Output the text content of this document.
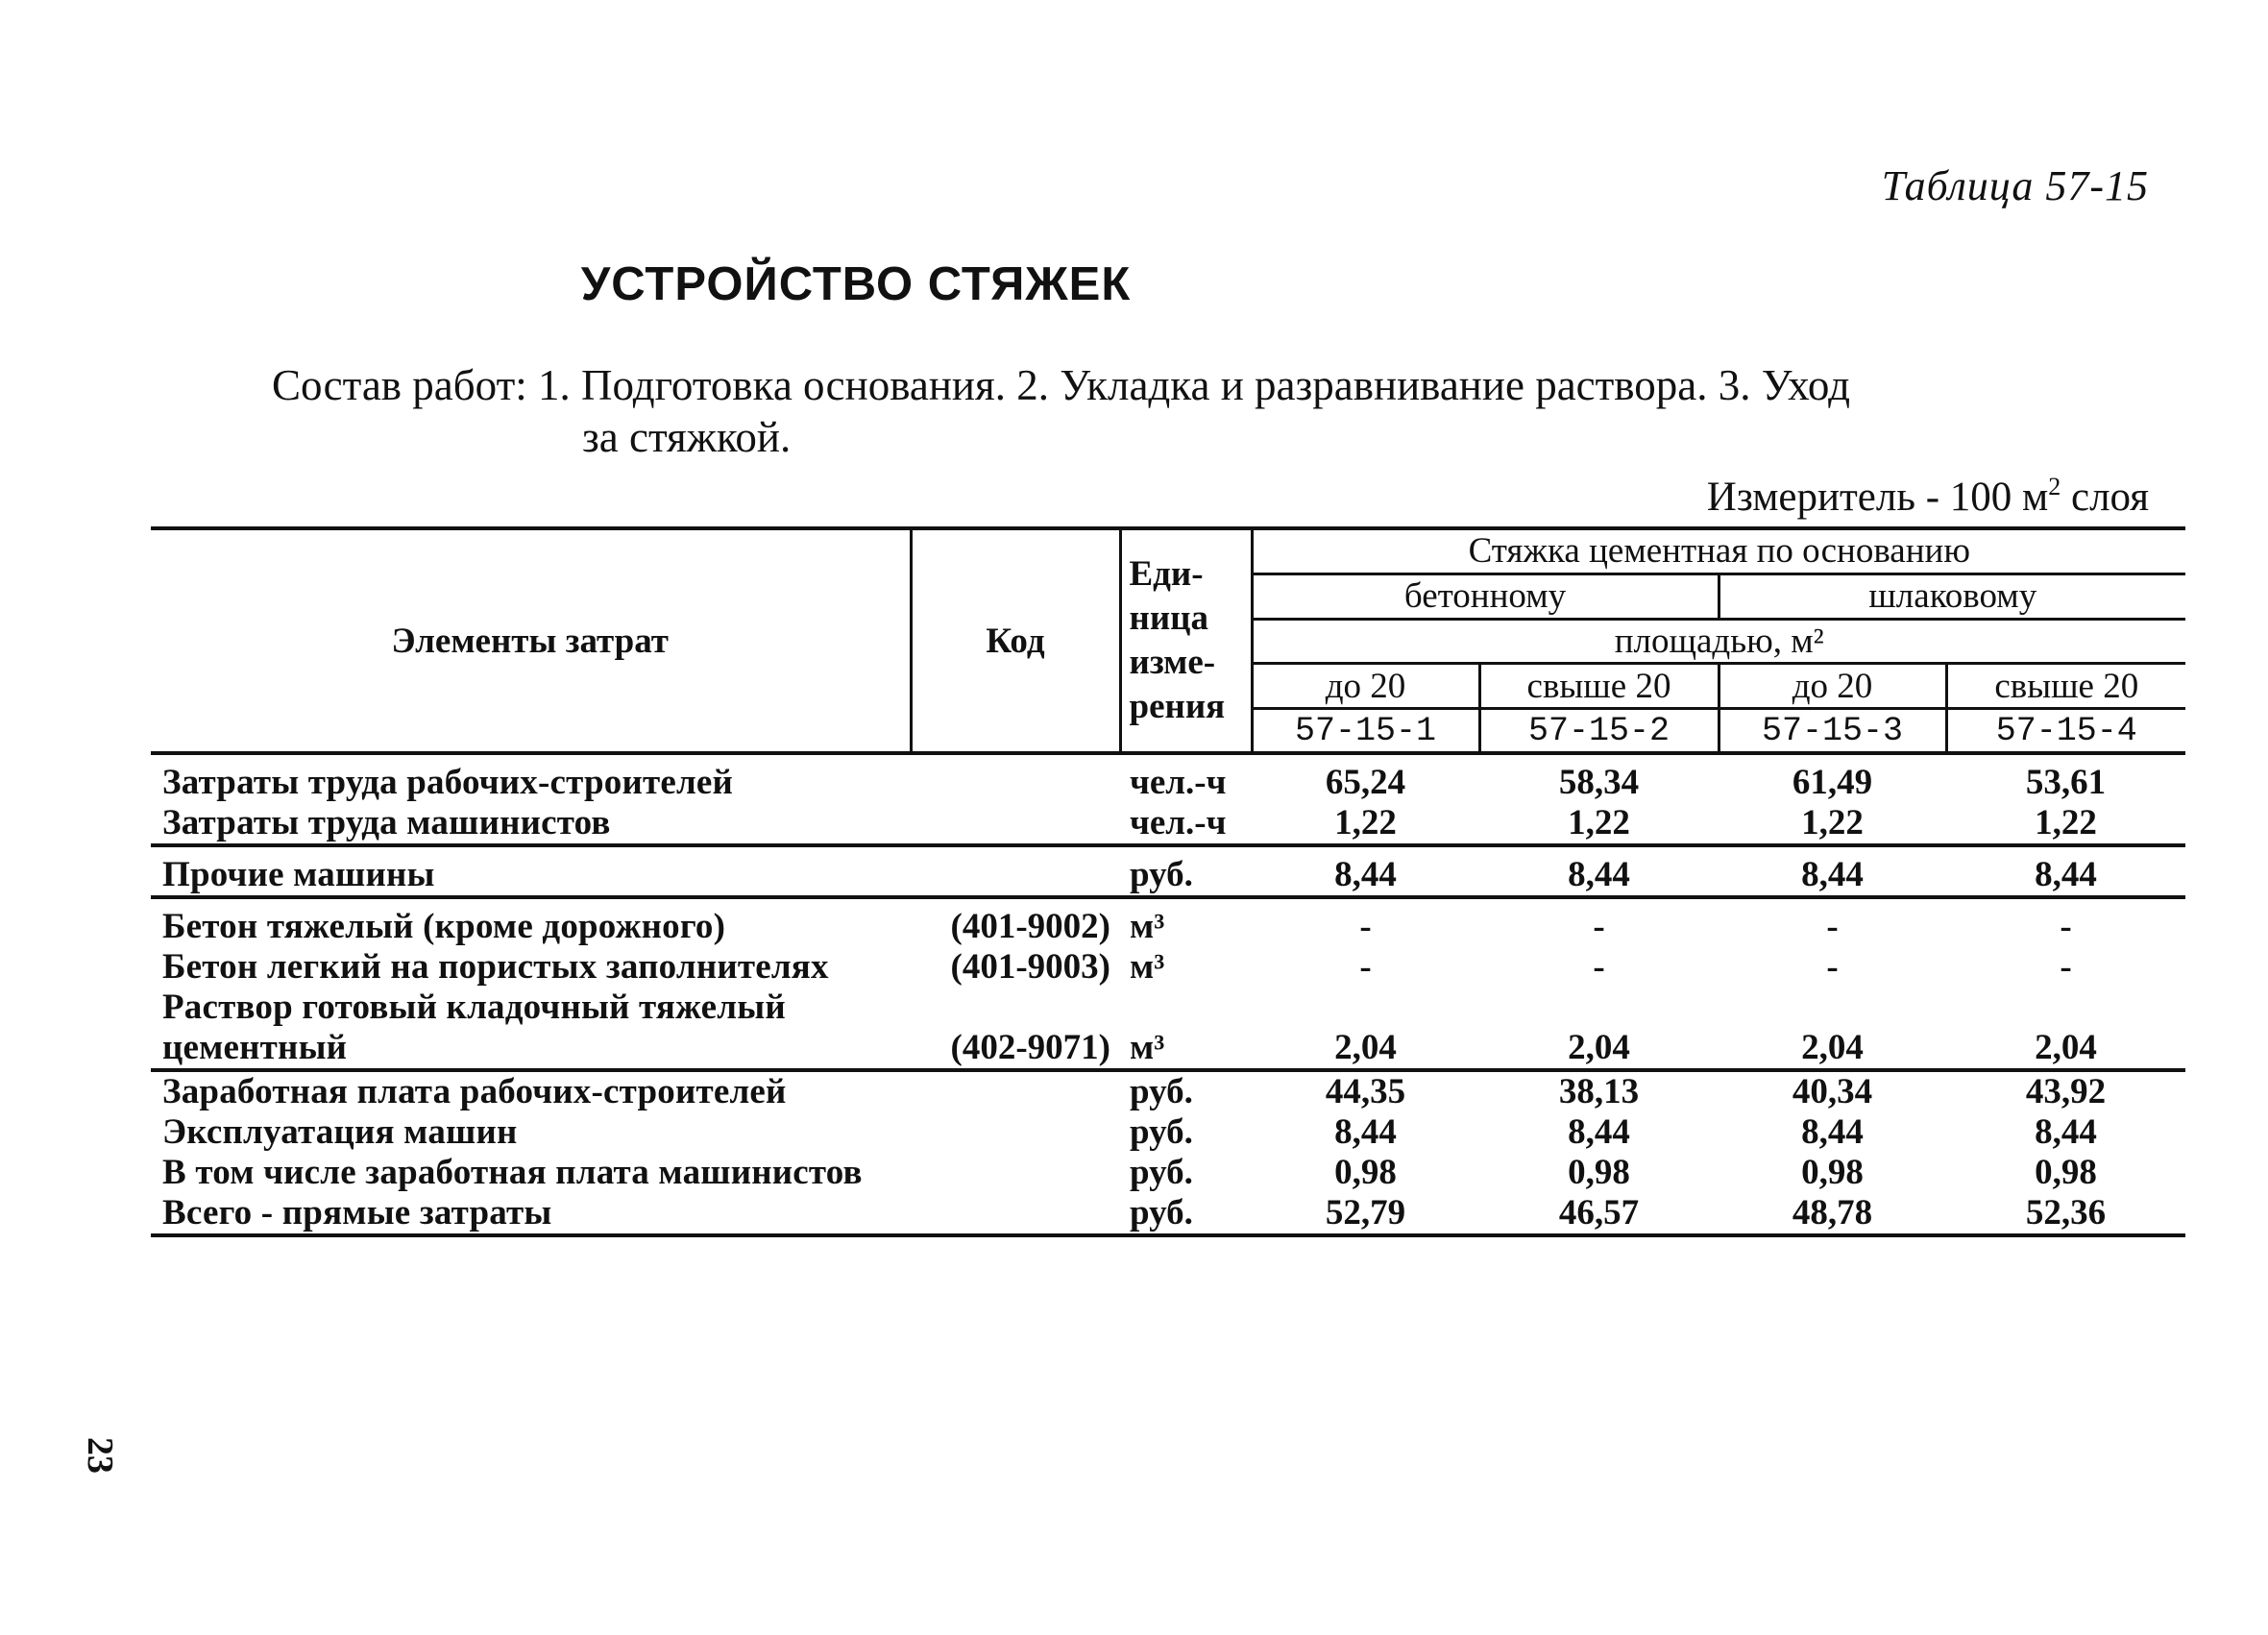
Таблица 57-15
УСТРОЙСТВО СТЯЖЕК
Состав работ: 1. Подготовка основания. 2. Укладка и разравнивание раствора. 3. Уход
за стяжкой.
Измеритель - 100 $м^2$ слоя
Элементы затрат	Код	Еди-
ница
изме-
рения	Стяжка цементная по основанию			
			бетонному		шлаковому	
			площадью, м²			
			до 20	свыше 20	до 20	свыше 20
			57-15-1	57-15-2	57-15-3	57-15-4
Затраты труда рабочих-строителей		чел.-ч	65,24	58,34	61,49	53,61
Затраты труда машинистов		чел.-ч	1,22	1,22	1,22	1,22
Прочие машины		руб.	8,44	8,44	8,44	8,44
Бетон тяжелый (кроме дорожного)	(401-9002)	м³	-	-	-	-
Бетон легкий на пористых заполнителях	(401-9003)	м³	-	-	-	-
Раствор готовый кладочный тяжелый						
цементный	(402-9071)	м³	2,04	2,04	2,04	2,04
Заработная плата рабочих-строителей		руб.	44,35	38,13	40,34	43,92
Эксплуатация машин		руб.	8,44	8,44	8,44	8,44
В том числе заработная плата машинистов		руб.	0,98	0,98	0,98	0,98
Всего - прямые затраты		руб.	52,79	46,57	48,78	52,36
23
